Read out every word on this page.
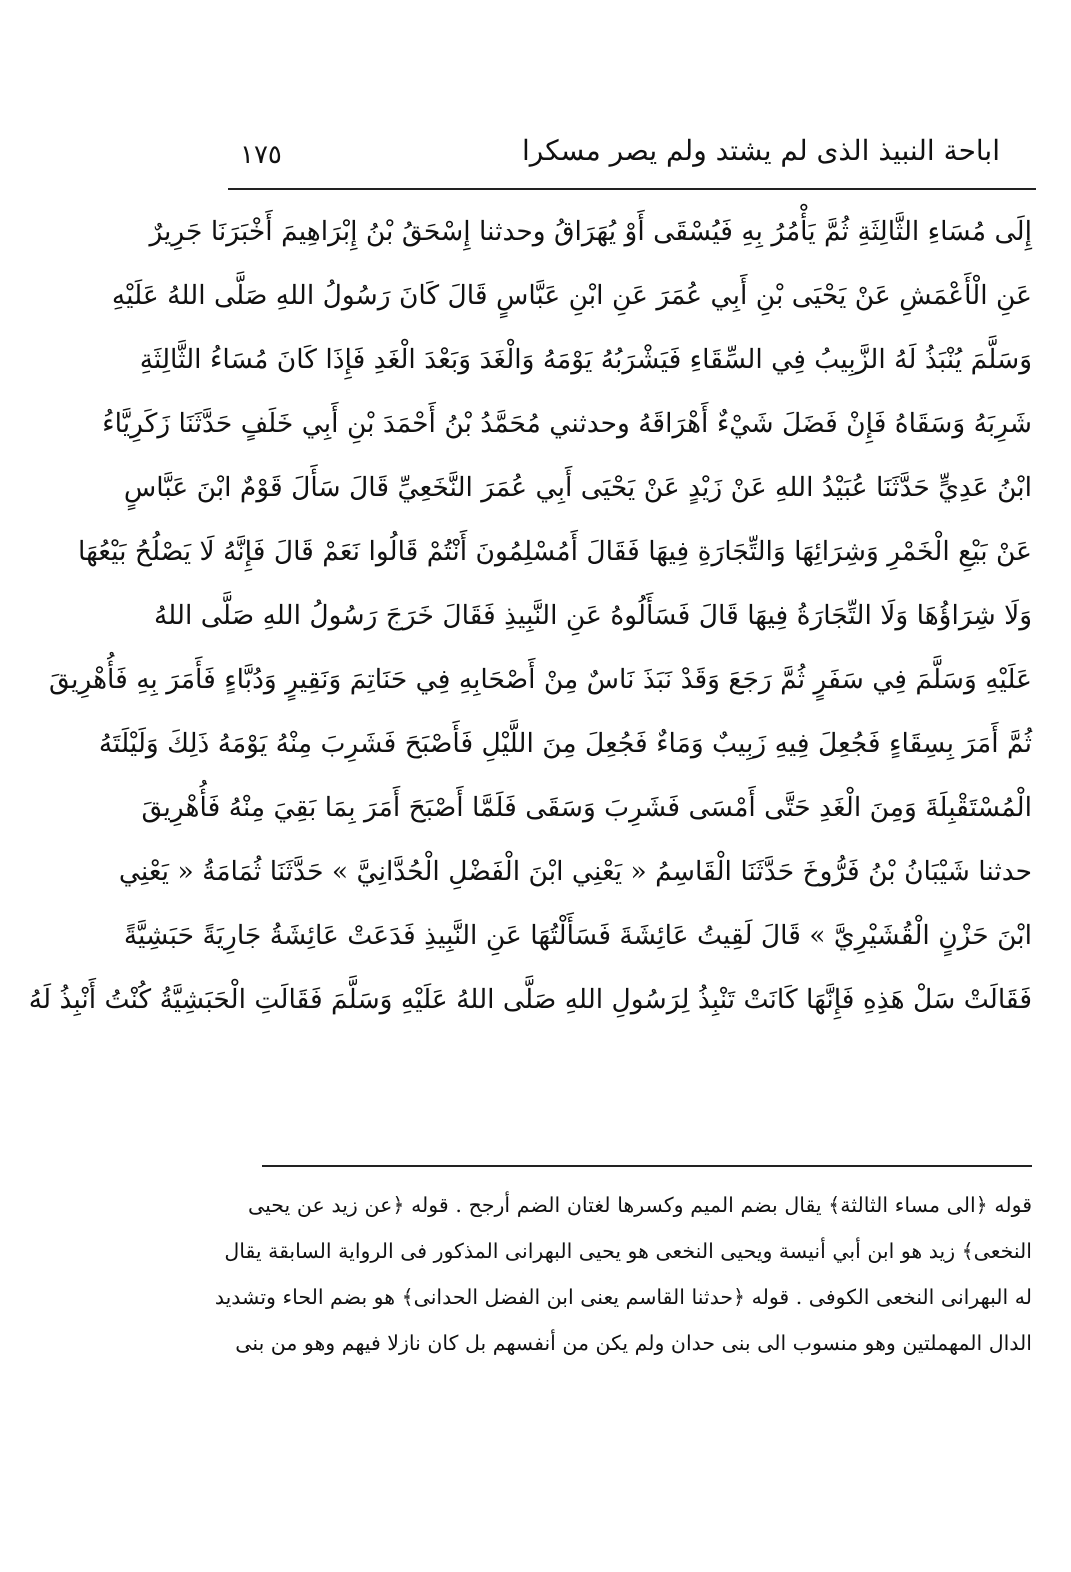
١٧٥	اباحة النبيذ الذى لم يشتد ولم يصر مسكرا
إِلَى مُسَاءِ الثَّالِثَةِ ثُمَّ يَأْمُرُ بِهِ فَيُسْقَى أَوْ يُهَرَاقُ وحدثنا إِسْحَقُ بْنُ إِبْرَاهِيمَ أَخْبَرَنَا جَرِيرٌ
عَنِ الْأَعْمَشِ عَنْ يَحْيَى بْنِ أَبِي عُمَرَ عَنِ ابْنِ عَبَّاسٍ قَالَ كَانَ رَسُولُ اللهِ صَلَّى اللهُ عَلَيْهِ
وَسَلَّمَ يُنْبَذُ لَهُ الزَّبِيبُ فِي السِّقَاءِ فَيَشْرَبُهُ يَوْمَهُ وَالْغَدَ وَبَعْدَ الْغَدِ فَإِذَا كَانَ مُسَاءُ الثَّالِثَةِ
شَرِبَهُ وَسَقَاهُ فَإِنْ فَضَلَ شَيْءٌ أَهْرَاقَهُ وحدثني مُحَمَّدُ بْنُ أَحْمَدَ بْنِ أَبِي خَلَفٍ حَدَّثَنَا زَكَرِيَّاءُ
ابْنُ عَدِيٍّ حَدَّثَنَا عُبَيْدُ اللهِ عَنْ زَيْدٍ عَنْ يَحْيَى أَبِي عُمَرَ النَّخَعِيِّ قَالَ سَأَلَ قَوْمٌ ابْنَ عَبَّاسٍ
عَنْ بَيْعِ الْخَمْرِ وَشِرَائِهَا وَالتِّجَارَةِ فِيهَا فَقَالَ أَمُسْلِمُونَ أَنْتُمْ قَالُوا نَعَمْ قَالَ فَإِنَّهُ لَا يَصْلُحُ بَيْعُهَا
وَلَا شِرَاؤُهَا وَلَا التِّجَارَةُ فِيهَا قَالَ فَسَأَلُوهُ عَنِ النَّبِيذِ فَقَالَ خَرَجَ رَسُولُ اللهِ صَلَّى اللهُ
عَلَيْهِ وَسَلَّمَ فِي سَفَرٍ ثُمَّ رَجَعَ وَقَدْ نَبَذَ نَاسٌ مِنْ أَصْحَابِهِ فِي حَنَاتِمَ وَنَقِيرٍ وَدُبَّاءٍ فَأَمَرَ بِهِ فَأُهْرِيقَ
ثُمَّ أَمَرَ بِسِقَاءٍ فَجُعِلَ فِيهِ زَبِيبٌ وَمَاءٌ فَجُعِلَ مِنَ اللَّيْلِ فَأَصْبَحَ فَشَرِبَ مِنْهُ يَوْمَهُ ذَلِكَ وَلَيْلَتَهُ
الْمُسْتَقْبِلَةَ وَمِنَ الْغَدِ حَتَّى أَمْسَى فَشَرِبَ وَسَقَى فَلَمَّا أَصْبَحَ أَمَرَ بِمَا بَقِيَ مِنْهُ فَأُهْرِيقَ
حدثنا شَيْبَانُ بْنُ فَرُّوخَ حَدَّثَنَا الْقَاسِمُ « يَعْنِي ابْنَ الْفَضْلِ الْحُدَّانِيَّ » حَدَّثَنَا ثُمَامَةُ « يَعْنِي
ابْنَ حَزْنٍ الْقُشَيْرِيَّ » قَالَ لَقِيتُ عَائِشَةَ فَسَأَلْتُهَا عَنِ النَّبِيذِ فَدَعَتْ عَائِشَةُ جَارِيَةً حَبَشِيَّةً
فَقَالَتْ سَلْ هَذِهِ فَإِنَّهَا كَانَتْ تَنْبِذُ لِرَسُولِ اللهِ صَلَّى اللهُ عَلَيْهِ وَسَلَّمَ فَقَالَتِ الْحَبَشِيَّةُ كُنْتُ أَنْبِذُ لَهُ
قوله ﴿الى مساء الثالثة﴾ يقال بضم الميم وكسرها لغتان الضم أرجح . قوله ﴿عن زيد عن يحيى
النخعى﴾ زيد هو ابن أبي أنيسة ويحيى النخعى هو يحيى البهرانى المذكور فى الرواية السابقة يقال
له البهرانى النخعى الكوفى . قوله ﴿حدثنا القاسم يعنى ابن الفضل الحدانى﴾ هو بضم الحاء وتشديد
الدال المهملتين وهو منسوب الى بنى حدان ولم يكن من أنفسهم بل كان نازلا فيهم وهو من بنى
